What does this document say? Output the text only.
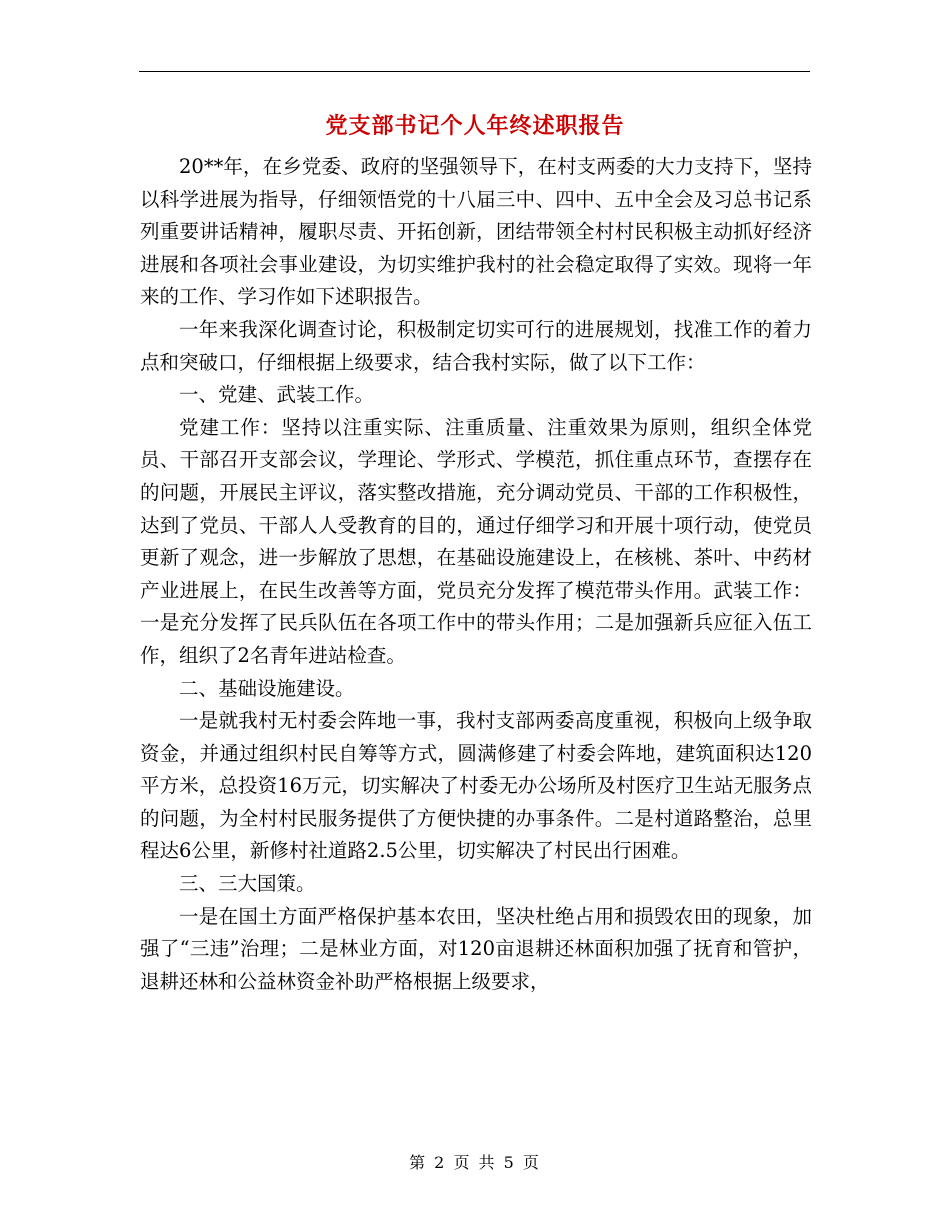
党支部书记个人年终述职报告

20**年，在乡党委、政府的坚强领导下，在村支两委的大力支持下，坚持以科学进展为指导，仔细领悟党的十八届三中、四中、五中全会及习总书记系列重要讲话精神，履职尽责、开拓创新，团结带领全村村民积极主动抓好经济进展和各项社会事业建设，为切实维护我村的社会稳定取得了实效。现将一年来的工作、学习作如下述职报告。

一年来我深化调查讨论，积极制定切实可行的进展规划，找准工作的着力点和突破口，仔细根据上级要求，结合我村实际，做了以下工作：

一、党建、武装工作。

党建工作：坚持以注重实际、注重质量、注重效果为原则，组织全体党员、干部召开支部会议，学理论、学形式、学模范，抓住重点环节，查摆存在的问题，开展民主评议，落实整改措施，充分调动党员、干部的工作积极性，达到了党员、干部人人受教育的目的，通过仔细学习和开展十项行动，使党员更新了观念，进一步解放了思想，在基础设施建设上，在核桃、茶叶、中药材产业进展上，在民生改善等方面，党员充分发挥了模范带头作用。武装工作：一是充分发挥了民兵队伍在各项工作中的带头作用；二是加强新兵应征入伍工作，组织了2名青年进站检查。

二、基础设施建设。

一是就我村无村委会阵地一事，我村支部两委高度重视，积极向上级争取资金，并通过组织村民自筹等方式，圆满修建了村委会阵地，建筑面积达120平方米，总投资16万元，切实解决了村委无办公场所及村医疗卫生站无服务点的问题，为全村村民服务提供了方便快捷的办事条件。二是村道路整治，总里程达6公里，新修村社道路2.5公里，切实解决了村民出行困难。

三、三大国策。

一是在国土方面严格保护基本农田，坚决杜绝占用和损毁农田的现象，加强了“三违”治理；二是林业方面，对120亩退耕还林面积加强了抚育和管护，退耕还林和公益林资金补助严格根据上级要求，

第 2 页 共 5 页
